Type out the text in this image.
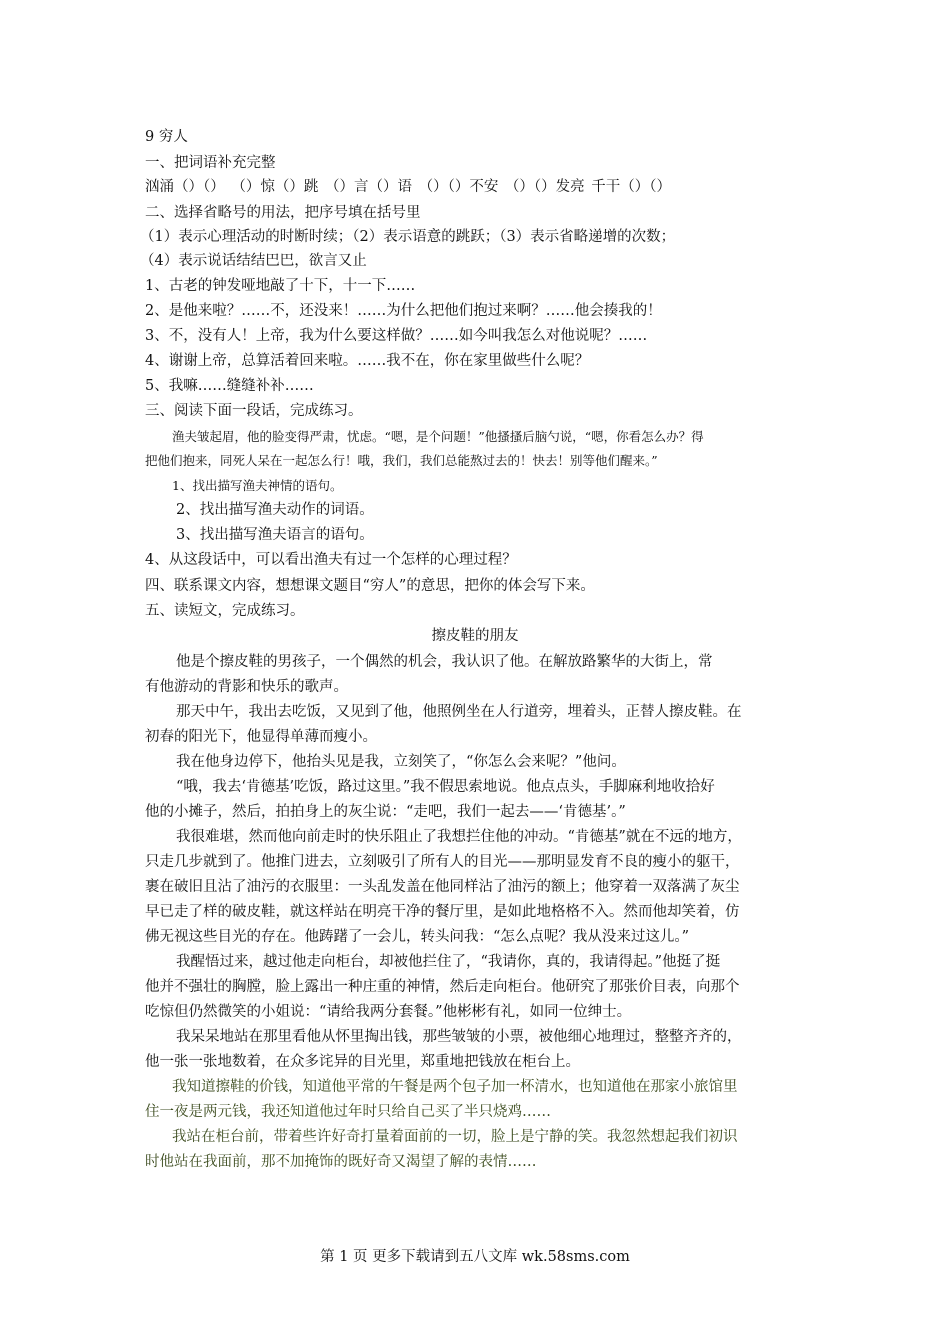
9 穷人
一、把词语补充完整
汹涌（）（） （）惊（）跳 （）言（）语 （）（）不安 （）（）发亮 千干（）（）
二、选择省略号的用法，把序号填在括号里
（1）表示心理活动的时断时续；（2）表示语意的跳跃；（3）表示省略递增的次数；
（4）表示说话结结巴巴，欲言又止
1、古老的钟发哑地敲了十下，十一下……
2、是他来啦？……不，还没来！……为什么把他们抱过来啊？……他会揍我的！
3、不，没有人！上帝，我为什么要这样做？……如今叫我怎么对他说呢？……
4、谢谢上帝，总算活着回来啦。……我不在，你在家里做些什么呢？
5、我嘛……缝缝补补……
三、阅读下面一段话，完成练习。
渔夫皱起眉，他的脸变得严肃，忧虑。“嗯，是个问题！”他搔搔后脑勺说，“嗯，你看怎么办？得
把他们抱来，同死人呆在一起怎么行！哦，我们，我们总能熬过去的！快去！别等他们醒来。”
1、找出描写渔夫神情的语句。
2、找出描写渔夫动作的词语。
3、找出描写渔夫语言的语句。
4、从这段话中，可以看出渔夫有过一个怎样的心理过程？
四、联系课文内容，想想课文题目“穷人”的意思，把你的体会写下来。
五、读短文，完成练习。
擦皮鞋的朋友
他是个擦皮鞋的男孩子，一个偶然的机会，我认识了他。在解放路繁华的大街上，常
有他游动的背影和快乐的歌声。
那天中午，我出去吃饭，又见到了他，他照例坐在人行道旁，埋着头，正替人擦皮鞋。在
初春的阳光下，他显得单薄而瘦小。
我在他身边停下，他抬头见是我，立刻笑了，“你怎么会来呢？”他问。
“哦，我去‘肯德基’吃饭，路过这里。”我不假思索地说。他点点头，手脚麻利地收拾好
他的小摊子，然后，拍拍身上的灰尘说：“走吧，我们一起去——‘肯德基’。”
我很难堪，然而他向前走时的快乐阻止了我想拦住他的冲动。“肯德基”就在不远的地方，
只走几步就到了。他推门进去，立刻吸引了所有人的目光——那明显发育不良的瘦小的躯干，
裹在破旧且沾了油污的衣服里：一头乱发盖在他同样沾了油污的额上；他穿着一双落满了灰尘
早已走了样的破皮鞋，就这样站在明亮干净的餐厅里，是如此地格格不入。然而他却笑着，仿
佛无视这些目光的存在。他踌躇了一会儿，转头问我：“怎么点呢？我从没来过这儿。”
我醒悟过来，越过他走向柜台，却被他拦住了，“我请你，真的，我请得起。”他挺了挺
他并不强壮的胸膛，脸上露出一种庄重的神情，然后走向柜台。他研究了那张价目表，向那个
吃惊但仍然微笑的小姐说：“请给我两分套餐。”他彬彬有礼，如同一位绅士。
我呆呆地站在那里看他从怀里掏出钱，那些皱皱的小票，被他细心地理过，整整齐齐的，
他一张一张地数着，在众多诧异的目光里，郑重地把钱放在柜台上。
我知道擦鞋的价钱，知道他平常的午餐是两个包子加一杯清水，也知道他在那家小旅馆里
住一夜是两元钱，我还知道他过年时只给自己买了半只烧鸡……
我站在柜台前，带着些许好奇打量着面前的一切，脸上是宁静的笑。我忽然想起我们初识
时他站在我面前，那不加掩饰的既好奇又渴望了解的表情……
第 1 页 更多下载请到五八文库 wk.58sms.com
